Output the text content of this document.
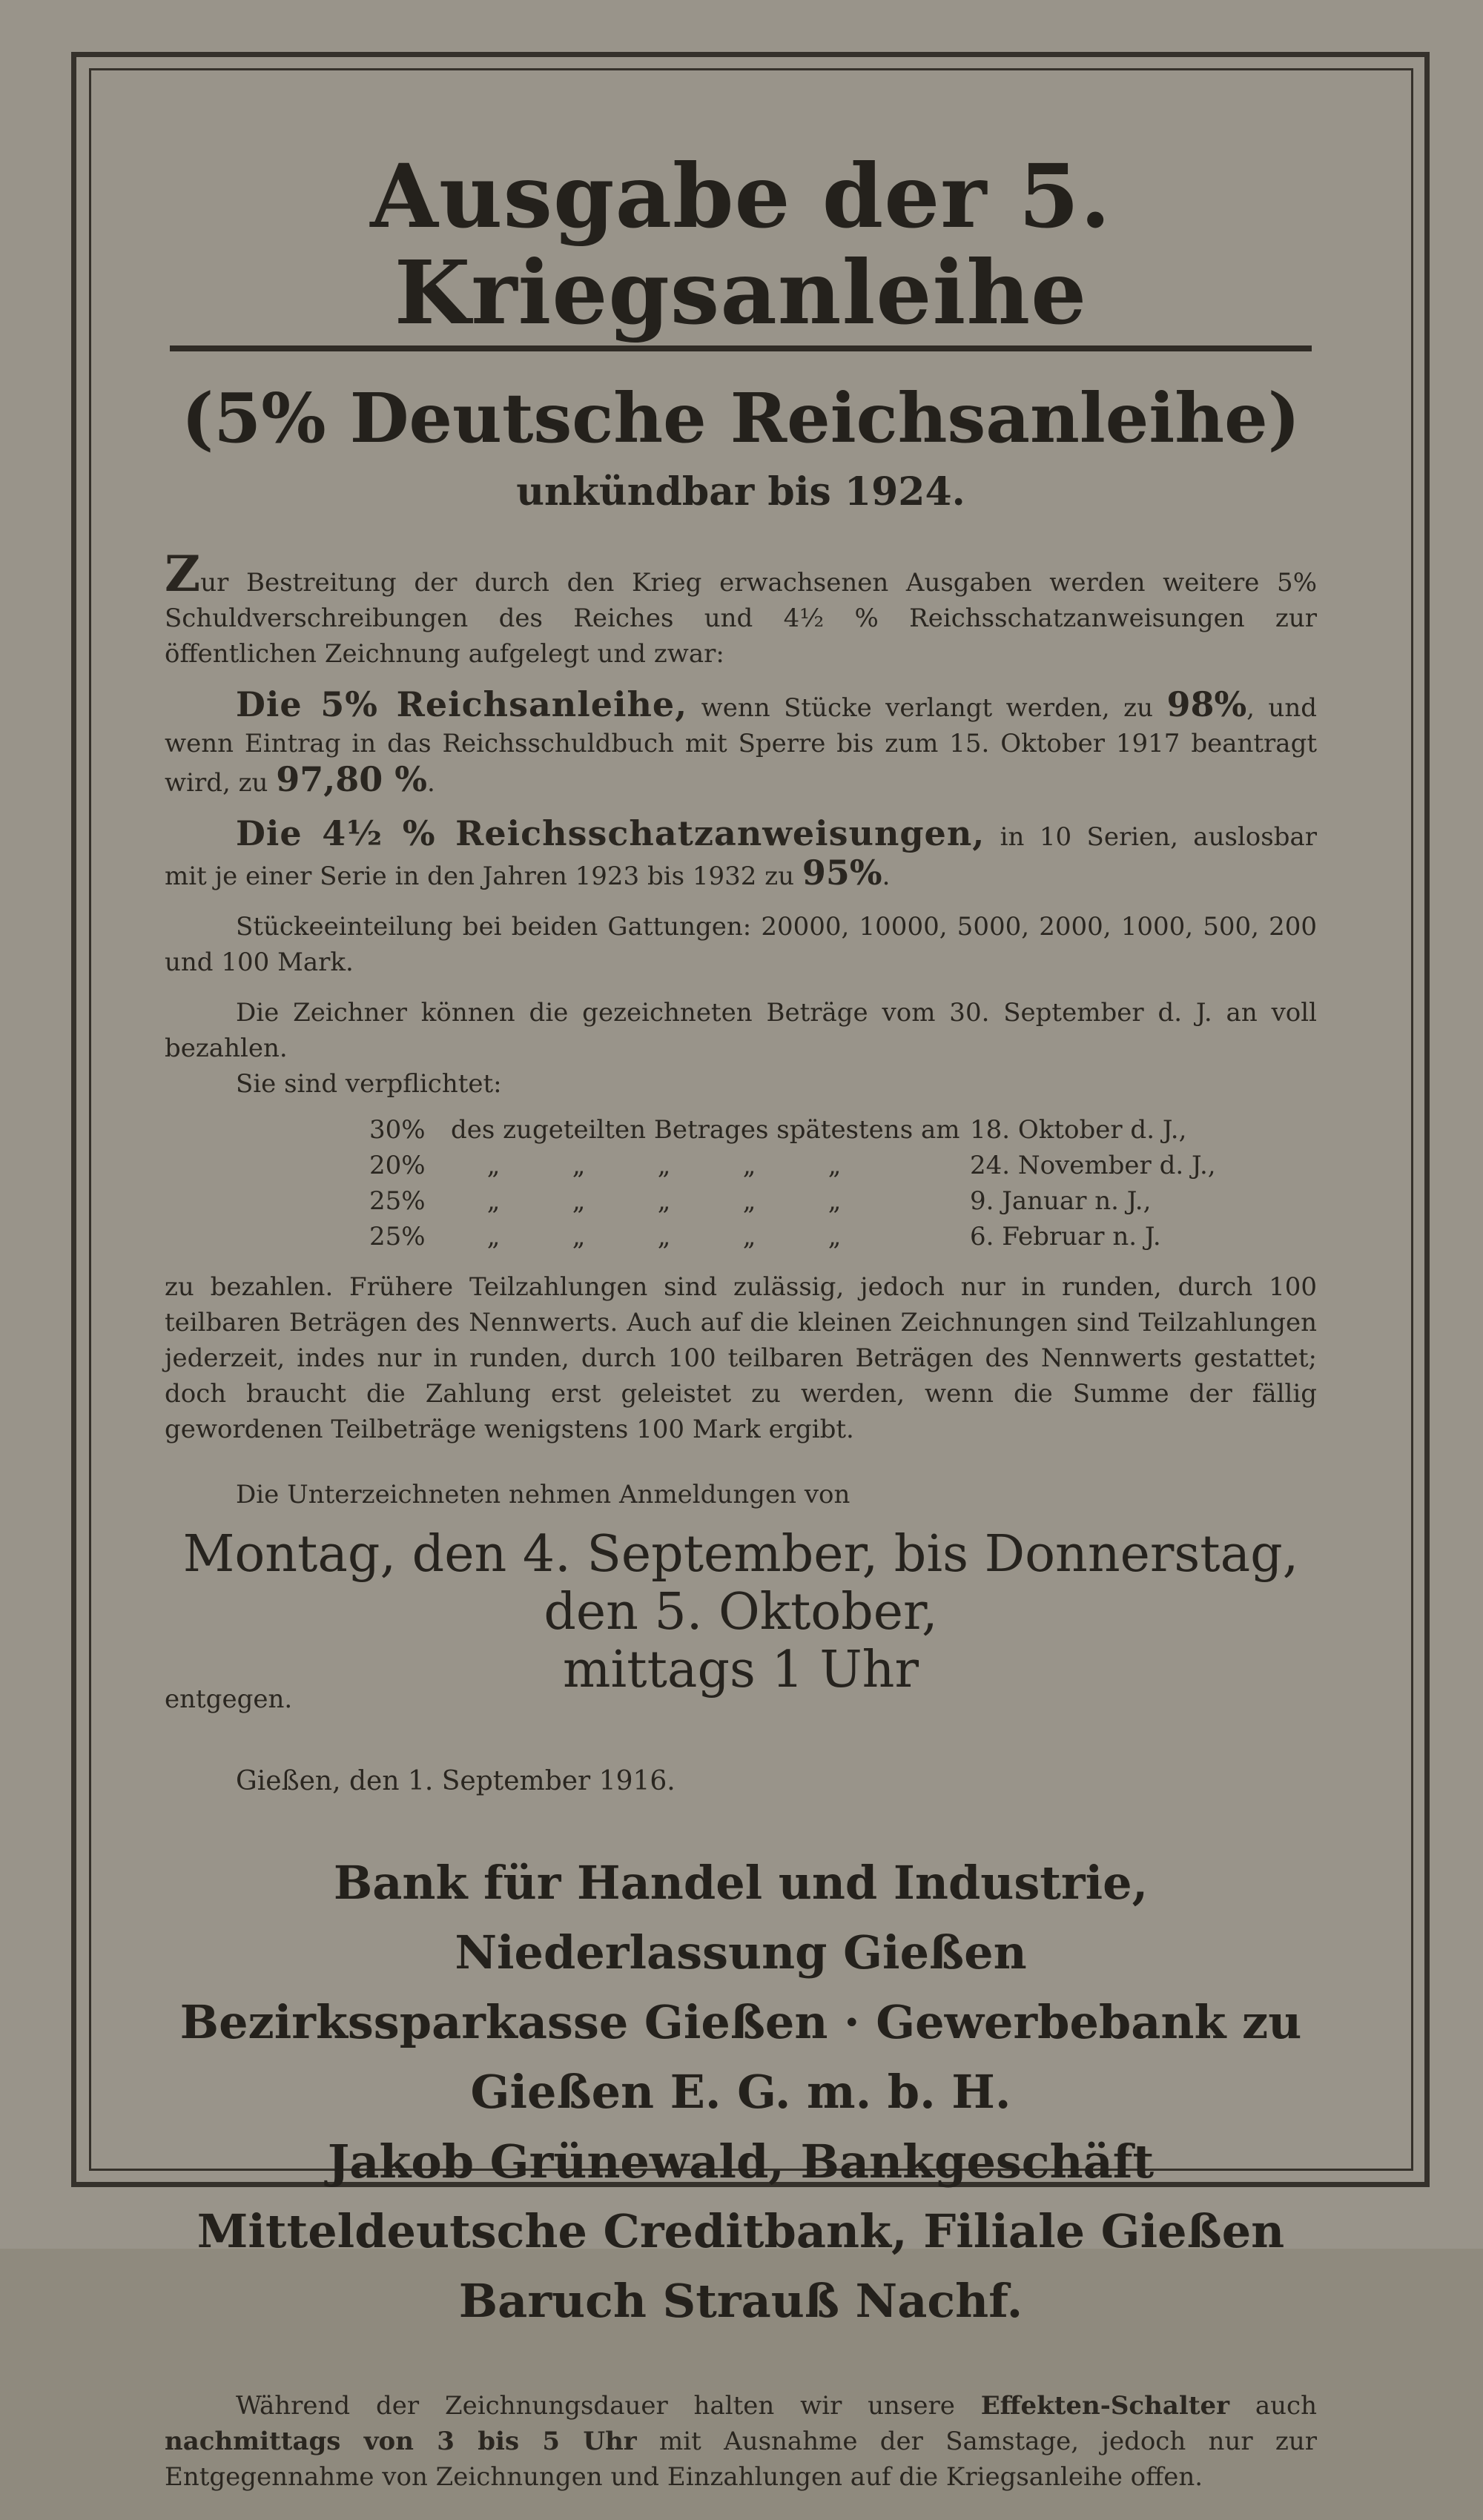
Ausgabe der 5. Kriegsanleihe
(5% Deutsche Reichsanleihe)
unkündbar bis 1924.

Zur Bestreitung der durch den Krieg erwachsenen Ausgaben werden weitere 5% Schuldverschreibungen des Reiches und 4½ % Reichsschatzanweisungen zur öffentlichen Zeichnung aufgelegt und zwar:

Die 5% Reichsanleihe, wenn Stücke verlangt werden, zu 98%, und wenn Eintrag in das Reichsschuldbuch mit Sperre bis zum 15. Oktober 1917 beantragt wird, zu 97,80 %.

Die 4½ % Reichsschatzanweisungen, in 10 Serien, auslosbar mit je einer Serie in den Jahren 1923 bis 1932 zu 95%.

Stückeeinteilung bei beiden Gattungen: 20000, 10000, 5000, 2000, 1000, 500, 200 und 100 Mark.

Die Zeichner können die gezeichneten Beträge vom 30. September d. J. an voll bezahlen.

Sie sind verpflichtet:

30%	des zugeteilten Betrages spätestens am 18. Oktober d. J.,
20%	„	„	„	„	„	24. November d. J.,
25%	„	„	„	„	„	9. Januar n. J.,
25%	„	„	„	„	„	6. Februar n. J.

zu bezahlen. Frühere Teilzahlungen sind zulässig, jedoch nur in runden, durch 100 teilbaren Beträgen des Nennwerts. Auch auf die kleinen Zeichnungen sind Teilzahlungen jederzeit, indes nur in runden, durch 100 teilbaren Beträgen des Nennwerts gestattet; doch braucht die Zahlung erst geleistet zu werden, wenn die Summe der fällig gewordenen Teilbeträge wenigstens 100 Mark ergibt.

Die Unterzeichneten nehmen Anmeldungen von

Montag, den 4. September, bis Donnerstag, den 5. Oktober,
mittags 1 Uhr
entgegen.
Gießen, den 1. September 1916.
Bank für Handel und Industrie, Niederlassung Gießen
Bezirkssparkasse Gießen · Gewerbebank zu Gießen E. G. m. b. H.
Jakob Grünewald, Bankgeschäft
Mitteldeutsche Creditbank, Filiale Gießen
Baruch Strauß Nachf.

Während der Zeichnungsdauer halten wir unsere Effekten-Schalter auch nachmittags von 3 bis 5 Uhr mit Ausnahme der Samstage, jedoch nur zur Entgegennahme von Zeichnungen und Einzahlungen auf die Kriegsanleihe offen.
